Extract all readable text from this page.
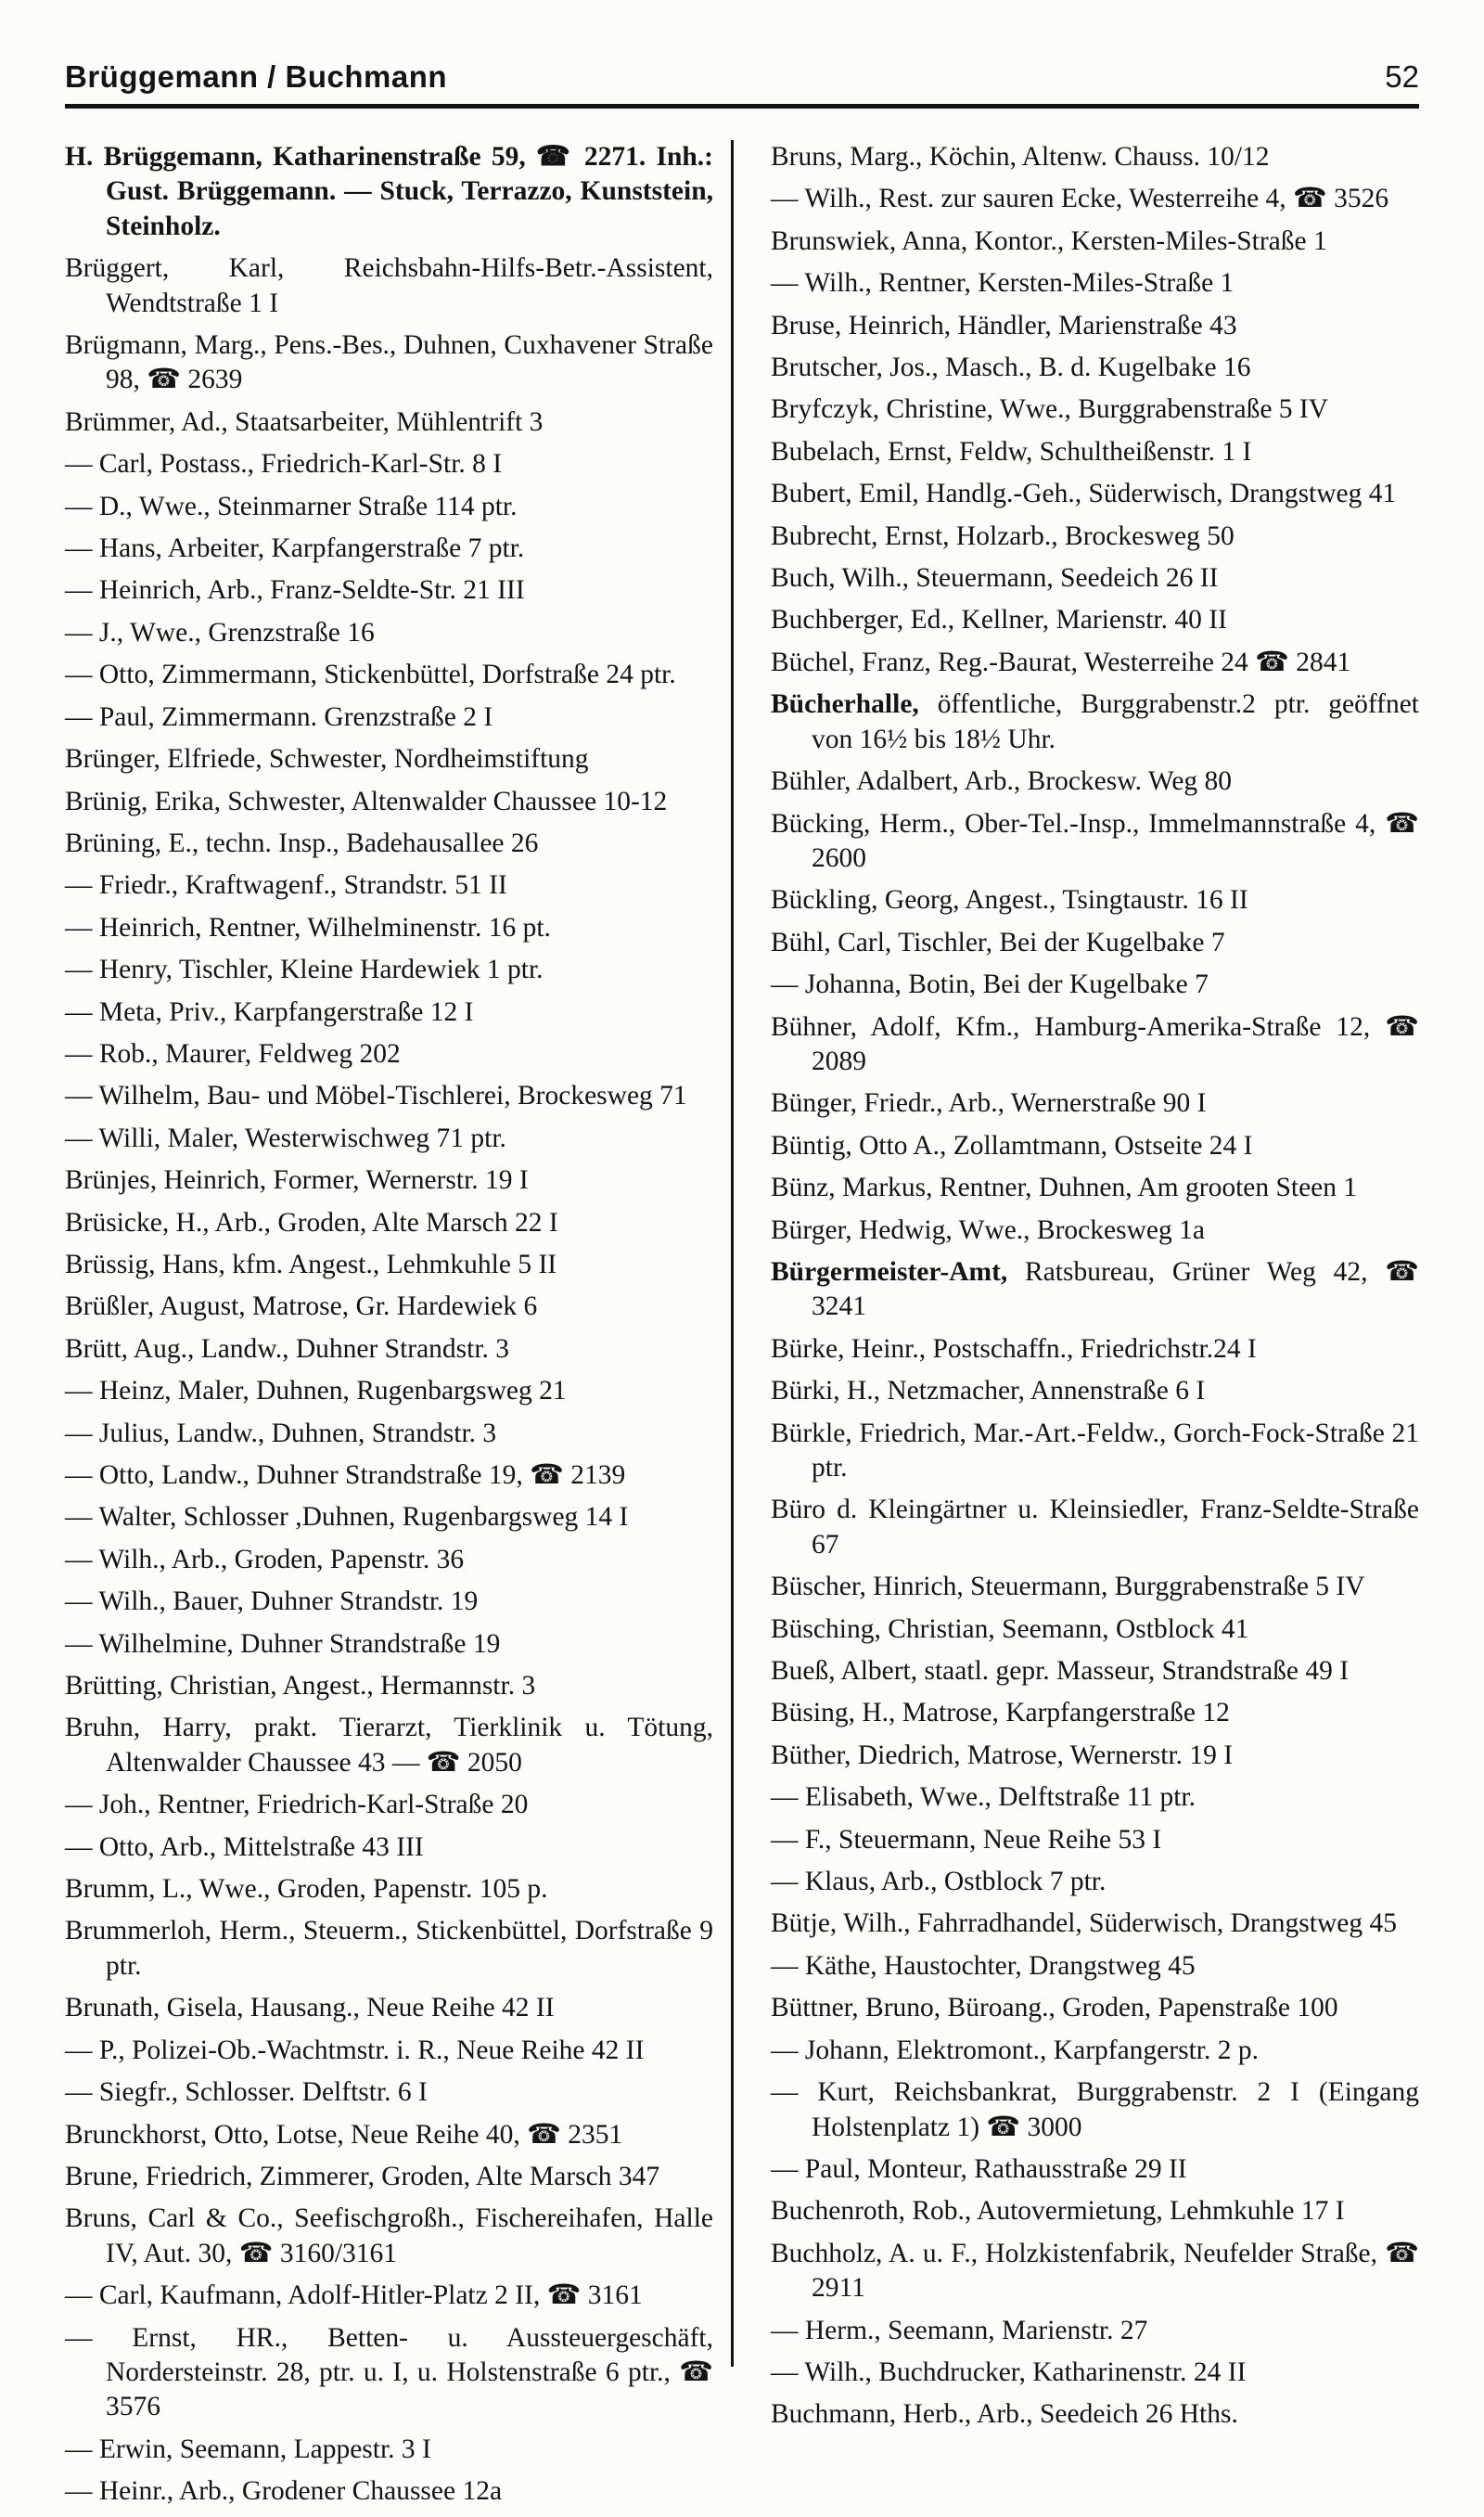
Brüggemann / Buchmann	52
H. Brüggemann, Katharinenstraße 59, ☎ 2271. Inh.: Gust. Brüggemann. — Stuck, Terrazzo, Kunststein, Steinholz.
Brüggert, Karl, Reichsbahn-Hilfs-Betr.-Assistent, Wendtstraße 1 I
Brügmann, Marg., Pens.-Bes., Duhnen, Cuxhavener Straße 98, ☎ 2639
Brümmer, Ad., Staatsarbeiter, Mühlentrift 3
— Carl, Postass., Friedrich-Karl-Str. 8 I
— D., Wwe., Steinmarner Straße 114 ptr.
— Hans, Arbeiter, Karpfangerstraße 7 ptr.
— Heinrich, Arb., Franz-Seldte-Str. 21 III
— J., Wwe., Grenzstraße 16
— Otto, Zimmermann, Stickenbüttel, Dorfstraße 24 ptr.
— Paul, Zimmermann. Grenzstraße 2 I
Brünger, Elfriede, Schwester, Nordheimstiftung
Brünig, Erika, Schwester, Altenwalder Chaussee 10-12
Brüning, E., techn. Insp., Badehausallee 26
— Friedr., Kraftwagenf., Strandstr. 51 II
— Heinrich, Rentner, Wilhelminenstr. 16 pt.
— Henry, Tischler, Kleine Hardewiek 1 ptr.
— Meta, Priv., Karpfangerstraße 12 I
— Rob., Maurer, Feldweg 202
— Wilhelm, Bau- und Möbel-Tischlerei, Brockesweg 71
— Willi, Maler, Westerwischweg 71 ptr.
Brünjes, Heinrich, Former, Wernerstr. 19 I
Brüsicke, H., Arb., Groden, Alte Marsch 22 I
Brüssig, Hans, kfm. Angest., Lehmkuhle 5 II
Brüßler, August, Matrose, Gr. Hardewiek 6
Brütt, Aug., Landw., Duhner Strandstr. 3
— Heinz, Maler, Duhnen, Rugenbargsweg 21
— Julius, Landw., Duhnen, Strandstr. 3
— Otto, Landw., Duhner Strandstraße 19, ☎ 2139
— Walter, Schlosser ,Duhnen, Rugenbargsweg 14 I
— Wilh., Arb., Groden, Papenstr. 36
— Wilh., Bauer, Duhner Strandstr. 19
— Wilhelmine, Duhner Strandstraße 19
Brütting, Christian, Angest., Hermannstr. 3
Bruhn, Harry, prakt. Tierarzt, Tierklinik u. Tötung, Altenwalder Chaussee 43 — ☎ 2050
— Joh., Rentner, Friedrich-Karl-Straße 20
— Otto, Arb., Mittelstraße 43 III
Brumm, L., Wwe., Groden, Papenstr. 105 p.
Brummerloh, Herm., Steuerm., Stickenbüttel, Dorfstraße 9 ptr.
Brunath, Gisela, Hausang., Neue Reihe 42 II
— P., Polizei-Ob.-Wachtmstr. i. R., Neue Reihe 42 II
— Siegfr., Schlosser. Delftstr. 6 I
Brunckhorst, Otto, Lotse, Neue Reihe 40, ☎ 2351
Brune, Friedrich, Zimmerer, Groden, Alte Marsch 347
Bruns, Carl & Co., Seefischgroßh., Fischereihafen, Halle IV, Aut. 30, ☎ 3160/3161
— Carl, Kaufmann, Adolf-Hitler-Platz 2 II, ☎ 3161
— Ernst, HR., Betten- u. Aussteuergeschäft, Nordersteinstr. 28, ptr. u. I, u. Holstenstraße 6 ptr., ☎ 3576
— Erwin, Seemann, Lappestr. 3 I
— Heinr., Arb., Grodener Chaussee 12a
Bruns, Marg., Köchin, Altenw. Chauss. 10/12
— Wilh., Rest. zur sauren Ecke, Westerreihe 4, ☎ 3526
Brunswiek, Anna, Kontor., Kersten-Miles-Straße 1
— Wilh., Rentner, Kersten-Miles-Straße 1
Bruse, Heinrich, Händler, Marienstraße 43
Brutscher, Jos., Masch., B. d. Kugelbake 16
Bryfczyk, Christine, Wwe., Burggrabenstraße 5 IV
Bubelach, Ernst, Feldw, Schultheißenstr. 1 I
Bubert, Emil, Handlg.-Geh., Süderwisch, Drangstweg 41
Bubrecht, Ernst, Holzarb., Brockesweg 50
Buch, Wilh., Steuermann, Seedeich 26 II
Buchberger, Ed., Kellner, Marienstr. 40 II
Büchel, Franz, Reg.-Baurat, Westerreihe 24 ☎ 2841
Bücherhalle, öffentliche, Burggrabenstr.2 ptr. geöffnet von 16½ bis 18½ Uhr.
Bühler, Adalbert, Arb., Brockesw. Weg 80
Bücking, Herm., Ober-Tel.-Insp., Immelmannstraße 4, ☎ 2600
Bückling, Georg, Angest., Tsingtaustr. 16 II
Bühl, Carl, Tischler, Bei der Kugelbake 7
— Johanna, Botin, Bei der Kugelbake 7
Bühner, Adolf, Kfm., Hamburg-Amerika-Straße 12, ☎ 2089
Bünger, Friedr., Arb., Wernerstraße 90 I
Büntig, Otto A., Zollamtmann, Ostseite 24 I
Bünz, Markus, Rentner, Duhnen, Am grooten Steen 1
Bürger, Hedwig, Wwe., Brockesweg 1a
Bürgermeister-Amt, Ratsbureau, Grüner Weg 42, ☎ 3241
Bürke, Heinr., Postschaffn., Friedrichstr.24 I
Bürki, H., Netzmacher, Annenstraße 6 I
Bürkle, Friedrich, Mar.-Art.-Feldw., Gorch-Fock-Straße 21 ptr.
Büro d. Kleingärtner u. Kleinsiedler, Franz-Seldte-Straße 67
Büscher, Hinrich, Steuermann, Burggrabenstraße 5 IV
Büsching, Christian, Seemann, Ostblock 41
Bueß, Albert, staatl. gepr. Masseur, Strandstraße 49 I
Büsing, H., Matrose, Karpfangerstraße 12
Büther, Diedrich, Matrose, Wernerstr. 19 I
— Elisabeth, Wwe., Delftstraße 11 ptr.
— F., Steuermann, Neue Reihe 53 I
— Klaus, Arb., Ostblock 7 ptr.
Bütje, Wilh., Fahrradhandel, Süderwisch, Drangstweg 45
— Käthe, Haustochter, Drangstweg 45
Büttner, Bruno, Büroang., Groden, Papenstraße 100
— Johann, Elektromont., Karpfangerstr. 2 p.
— Kurt, Reichsbankrat, Burggrabenstr. 2 I (Eingang Holstenplatz 1) ☎ 3000
— Paul, Monteur, Rathausstraße 29 II
Buchenroth, Rob., Autovermietung, Lehmkuhle 17 I
Buchholz, A. u. F., Holzkistenfabrik, Neufelder Straße, ☎ 2911
— Herm., Seemann, Marienstr. 27
— Wilh., Buchdrucker, Katharinenstr. 24 II
Buchmann, Herb., Arb., Seedeich 26 Hths.
